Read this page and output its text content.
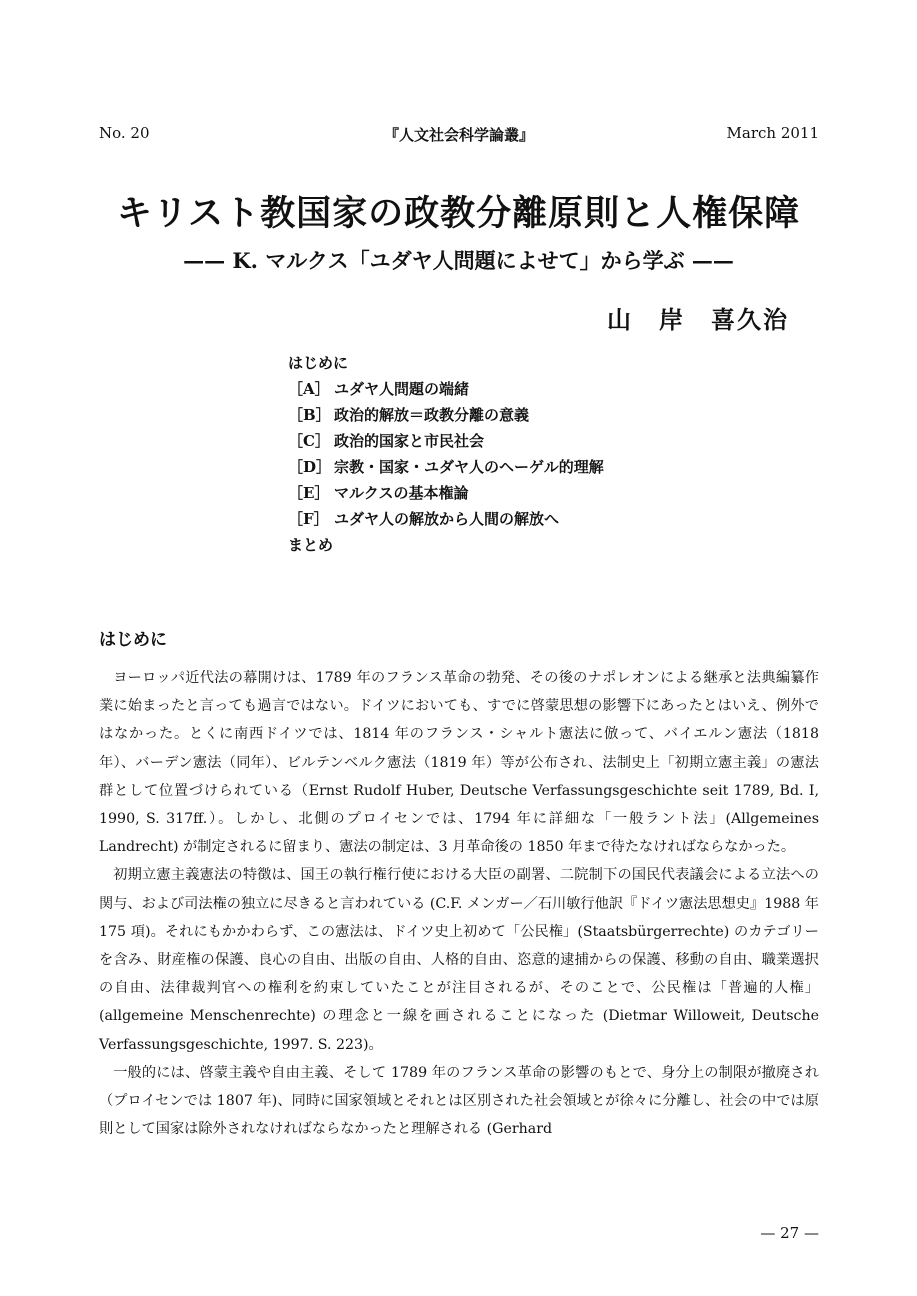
No. 20	『人文社会科学論叢』	March 2011
キリスト教国家の政教分離原則と人権保障
—— K. マルクス「ユダヤ人問題によせて」から学ぶ ——
山　岸　喜久治
はじめに
［A］ ユダヤ人問題の端緒
［B］ 政治的解放＝政教分離の意義
［C］ 政治的国家と市民社会
［D］ 宗教・国家・ユダヤ人のヘーゲル的理解
［E］ マルクスの基本権論
［F］ ユダヤ人の解放から人間の解放へ
まとめ
はじめに

ヨーロッパ近代法の幕開けは、1789 年のフランス革命の勃発、その後のナポレオンによる継承と法典編纂作業に始まったと言っても過言ではない。ドイツにおいても、すでに啓蒙思想の影響下にあったとはいえ、例外ではなかった。とくに南西ドイツでは、1814 年のフランス・シャルト憲法に倣って、バイエルン憲法（1818 年）、バーデン憲法（同年）、ビルテンベルク憲法（1819 年）等が公布され、法制史上「初期立憲主義」の憲法群として位置づけられている（Ernst Rudolf Huber, Deutsche Verfassungsgeschichte seit 1789, Bd. I, 1990, S. 317ff.）。しかし、北側のプロイセンでは、1794 年に詳細な「一般ラント法」(Allgemeines Landrecht) が制定されるに留まり、憲法の制定は、3 月革命後の 1850 年まで待たなければならなかった。

初期立憲主義憲法の特徴は、国王の執行権行使における大臣の副署、二院制下の国民代表議会による立法への関与、および司法権の独立に尽きると言われている (C.F. メンガー／石川敏行他訳『ドイツ憲法思想史』1988 年 175 項)。それにもかかわらず、この憲法は、ドイツ史上初めて「公民権」(Staatsbürgerrechte) のカテゴリーを含み、財産権の保護、良心の自由、出版の自由、人格的自由、恣意的逮捕からの保護、移動の自由、職業選択の自由、法律裁判官への権利を約束していたことが注目されるが、そのことで、公民権は「普遍的人権」(allgemeine Menschenrechte) の理念と一線を画されることになった (Dietmar Willoweit, Deutsche Verfassungsgeschichte, 1997. S. 223)。

一般的には、啓蒙主義や自由主義、そして 1789 年のフランス革命の影響のもとで、身分上の制限が撤廃され（プロイセンでは 1807 年)、同時に国家領域とそれとは区別された社会領域とが徐々に分離し、社会の中では原則として国家は除外されなければならなかったと理解される (Gerhard

— 27 —
